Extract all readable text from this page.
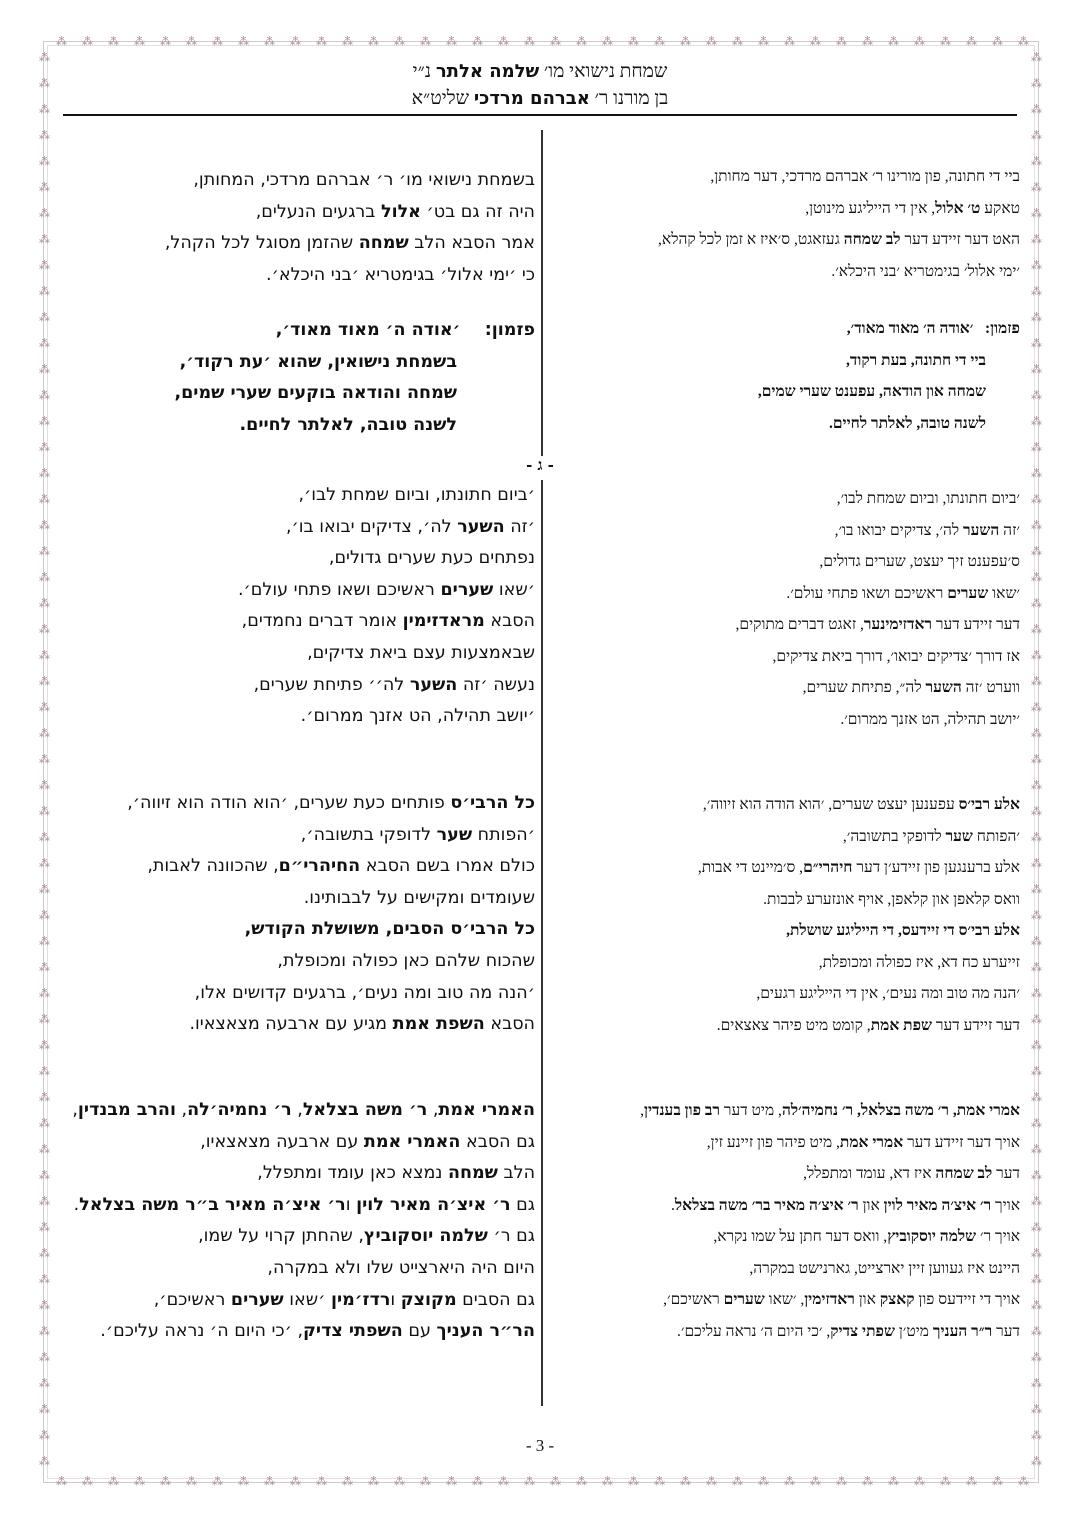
⁂
⁂
⁂
⁂
⁂
⁂
⁂
⁂
⁂
⁂
⁂
⁂
⁂
⁂
⁂
⁂
⁂
⁂
⁂
⁂
⁂
⁂
⁂
⁂
⁂
⁂
⁂
⁂
⁂
⁂
⁂
⁂
⁂
⁂
⁂
⁂
⁂
⁂
⁂
⁂
⁂
⁂
⁂
⁂
⁂
⁂
⁂
⁂
⁂
⁂
⁂
⁂
⁂
⁂
⁂
⁂
⁂
⁂
⁂
⁂
⁂
⁂
⁂
⁂
⁂
⁂
⁂
⁂
⁂
⁂
⁂
⁂
⁂
⁂
⁂
⁂
⁂	⁂
⁂	⁂
⁂	⁂
⁂	⁂
⁂	⁂
⁂	⁂
⁂	⁂
⁂	⁂
⁂	⁂
⁂	⁂
⁂	⁂
⁂	⁂
⁂	⁂
⁂	⁂
⁂	⁂
⁂	⁂
⁂	⁂
⁂	⁂
⁂	⁂
⁂	⁂
⁂	⁂
⁂	⁂
⁂	⁂
⁂	⁂
⁂	⁂
⁂	⁂
⁂	⁂
⁂	⁂
⁂	⁂
⁂	⁂
⁂	⁂
⁂	⁂
⁂	⁂
⁂	⁂
⁂	⁂
⁂	⁂
⁂	⁂
⁂	⁂
⁂	⁂
⁂	⁂
⁂	⁂
⁂	⁂
⁂	⁂
⁂	⁂
⁂	⁂
⁂	⁂
⁂	⁂
⁂	⁂
⁂	⁂
⁂	⁂
⁂	⁂
⁂	⁂
⁂	⁂
⁂	⁂
⁂	⁂
שמחת נישואי מו׳ שלמה אלתר נ״י
בן מורנו ר׳ אברהם מרדכי שליט״א
- ג -
ביי די חתונה, פון מורינו ר׳ אברהם מרדכי, דער מחותן,
טאקע ט׳ אלול, אין די הייליגע מינוטן,
האט דער זיידע דער לב שמחה געזאגט, ס׳איז א זמן לכל קהלא,
׳ימי אלול׳ בגימטריא ׳בני היכלא׳.
פזמון:   ׳אודה ה׳ מאוד מאוד׳,
ביי די חתונה, בעת רקוד,
שמחה און הודאה, עפענט שערי שמים,
לשנה טובה, לאלתר לחיים.
׳ביום חתונתו, וביום שמחת לבו׳,
׳זה השער לה׳, צדיקים יבואו בו׳,
ס׳עפענט זיך יעצט, שערים גדולים,
׳שאו שערים ראשיכם ושאו פתחי עולם׳.
דער זיידע דער ראדזימינער, זאגט דברים מתוקים,
אז דורך ׳צדיקים יבואו׳, דורך ביאת צדיקים,
ווערט ׳זה השער לה״, פתיחת שערים,
׳יושב תהילה, הט אזנך ממרום׳.
אלע רבי׳ס עפענען יעצט שערים, ׳הוא הודה הוא זיווה׳,
׳הפותח שער לדופקי בתשובה׳,
אלע ברענגען פון זיידע׳ן דער חיהרי״ם, ס׳מיינט די אבות,
וואס קלאפן און קלאפן, אויף אונזערע לבבות.
אלע רבי׳ס די זיידעס, די הייליגע שושלת,
זייערע כח דא, איז כפולה ומכופלת,
׳הנה מה טוב ומה נעים׳, אין די הייליגע רגעים,
דער זיידע דער שפת אמת, קומט מיט פיהר צאצאים.
אמרי אמת, ר׳ משה בצלאל, ר׳ נחמיה׳לה, מיט דער רב פון בענדין,
אויך דער זיידע דער אמרי אמת, מיט פיהר פון זיינע זין,
דער לב שמחה איז דא, עומד ומתפלל,
אויך ר׳ איצ׳ה מאיר לוין און ר׳ איצ׳ה מאיר בר׳ משה בצלאל.
אויך ר׳ שלמה יוסקוביץ, וואס דער חתן על שמו נקרא,
היינט איז געווען זיין יארצייט, גארנישט במקרה,
אויך די זיידעס פון קאצק און ראדזימין, ׳שאו שערים ראשיכם׳,
דער ר״ר העניך מיט׳ן שפתי צדיק, ׳כי היום ה׳ נראה עליכם׳.
בשמחת נישואי מו׳ ר׳ אברהם מרדכי, המחותן,
היה זה גם בט׳ אלול ברגעים הנעלים,
אמר הסבא הלב שמחה שהזמן מסוגל לכל הקהל,
כי ׳ימי אלול׳ בגימטריא ׳בני היכלא׳.
פזמון:    ׳אודה ה׳ מאוד מאוד׳,
בשמחת נישואין, שהוא ׳עת רקוד׳,
שמחה והודאה בוקעים שערי שמים,
לשנה טובה, לאלתר לחיים.
׳ביום חתונתו, וביום שמחת לבו׳,
׳זה השער לה׳, צדיקים יבואו בו׳,
נפתחים כעת שערים גדולים,
׳שאו שערים ראשיכם ושאו פתחי עולם׳.
הסבא מראדזימין אומר דברים נחמדים,
שבאמצעות עצם ביאת צדיקים,
נעשה ׳זה השער לה׳׳ פתיחת שערים,
׳יושב תהילה, הט אזנך ממרום׳.
כל הרבי׳ס פותחים כעת שערים, ׳הוא הודה הוא זיווה׳,
׳הפותח שער לדופקי בתשובה׳,
כולם אמרו בשם הסבא החיהרי״ם, שהכוונה לאבות,
שעומדים ומקישים על לבבותינו.
כל הרבי׳ס הסבים, משושלת הקודש,
שהכוח שלהם כאן כפולה ומכופלת,
׳הנה מה טוב ומה נעים׳, ברגעים קדושים אלו,
הסבא השפת אמת מגיע עם ארבעה מצאצאיו.
האמרי אמת, ר׳ משה בצלאל, ר׳ נחמיה׳לה, והרב מבנדין,
גם הסבא האמרי אמת עם ארבעה מצאצאיו,
הלב שמחה נמצא כאן עומד ומתפלל,
גם ר׳ איצ׳ה מאיר לוין ור׳ איצ׳ה מאיר ב״ר משה בצלאל.
גם ר׳ שלמה יוסקוביץ, שהחתן קרוי על שמו,
היום היה היארצייט שלו ולא במקרה,
גם הסבים מקוצק ורדז׳מין ׳שאו שערים ראשיכם׳,
הר״ר העניך עם השפתי צדיק, ׳כי היום ה׳ נראה עליכם׳.
- 3 -
